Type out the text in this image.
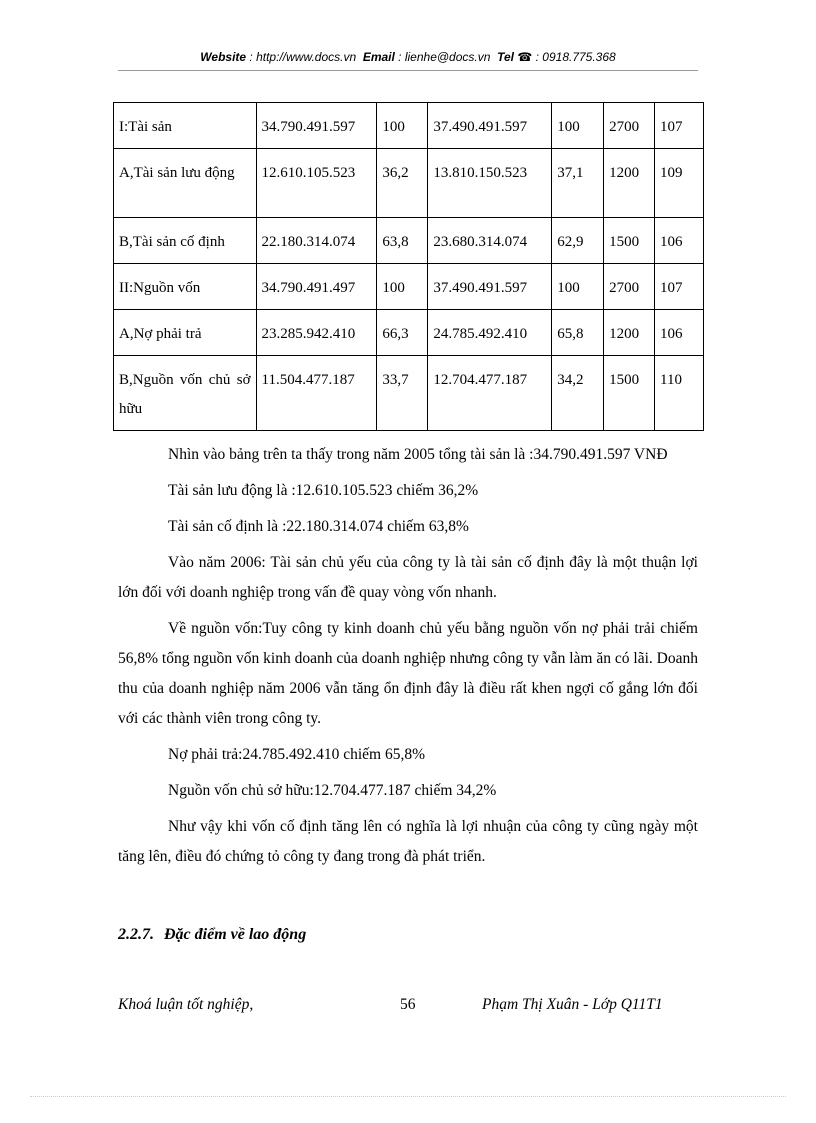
Website : http://www.docs.vn Email : lienhe@docs.vn Tel ☎ : 0918.775.368
I:Tài sản	34.790.491.597	100	37.490.491.597	100	2700	107
A,Tài sản lưu động	12.610.105.523	36,2	13.810.150.523	37,1	1200	109
B,Tài sản cố định	22.180.314.074	63,8	23.680.314.074	62,9	1500	106
II:Nguồn vốn	34.790.491.497	100	37.490.491.597	100	2700	107
A,Nợ phải trả	23.285.942.410	66,3	24.785.492.410	65,8	1200	106
B,Nguồn vốn chủ sở hữu	11.504.477.187	33,7	12.704.477.187	34,2	1500	110

Nhìn vào bảng trên ta thấy trong năm 2005 tổng tài sản là :34.790.491.597 VNĐ

Tài sản lưu động là :12.610.105.523 chiếm 36,2%

Tài sản cố định là :22.180.314.074 chiếm 63,8%

Vào năm 2006: Tài sản chủ yếu của công ty là tài sản cố định đây là một thuận lợi lớn đối với doanh nghiệp trong vấn đề quay vòng vốn nhanh.

Về nguồn vốn:Tuy công ty kinh doanh chủ yếu bằng nguồn vốn nợ phải trải chiếm 56,8% tổng nguồn vốn kinh doanh của doanh nghiệp nhưng công ty vẫn làm ăn có lãi. Doanh thu của doanh nghiệp năm 2006 vẫn tăng ổn định đây là điều rất khen ngợi cố gắng lớn đối với các thành viên trong công ty.

Nợ phải trả:24.785.492.410 chiếm 65,8%

Nguồn vốn chủ sở hữu:12.704.477.187 chiếm 34,2%

Như vậy khi vốn cố định tăng lên có nghĩa là lợi nhuận của công ty cũng ngày một tăng lên, điều đó chứng tỏ công ty đang trong đà phát triển.

2.2.7. Đặc điểm về lao động
Khoá luận tốt nghiệp,	56	Phạm Thị Xuân - Lớp Q11T1
